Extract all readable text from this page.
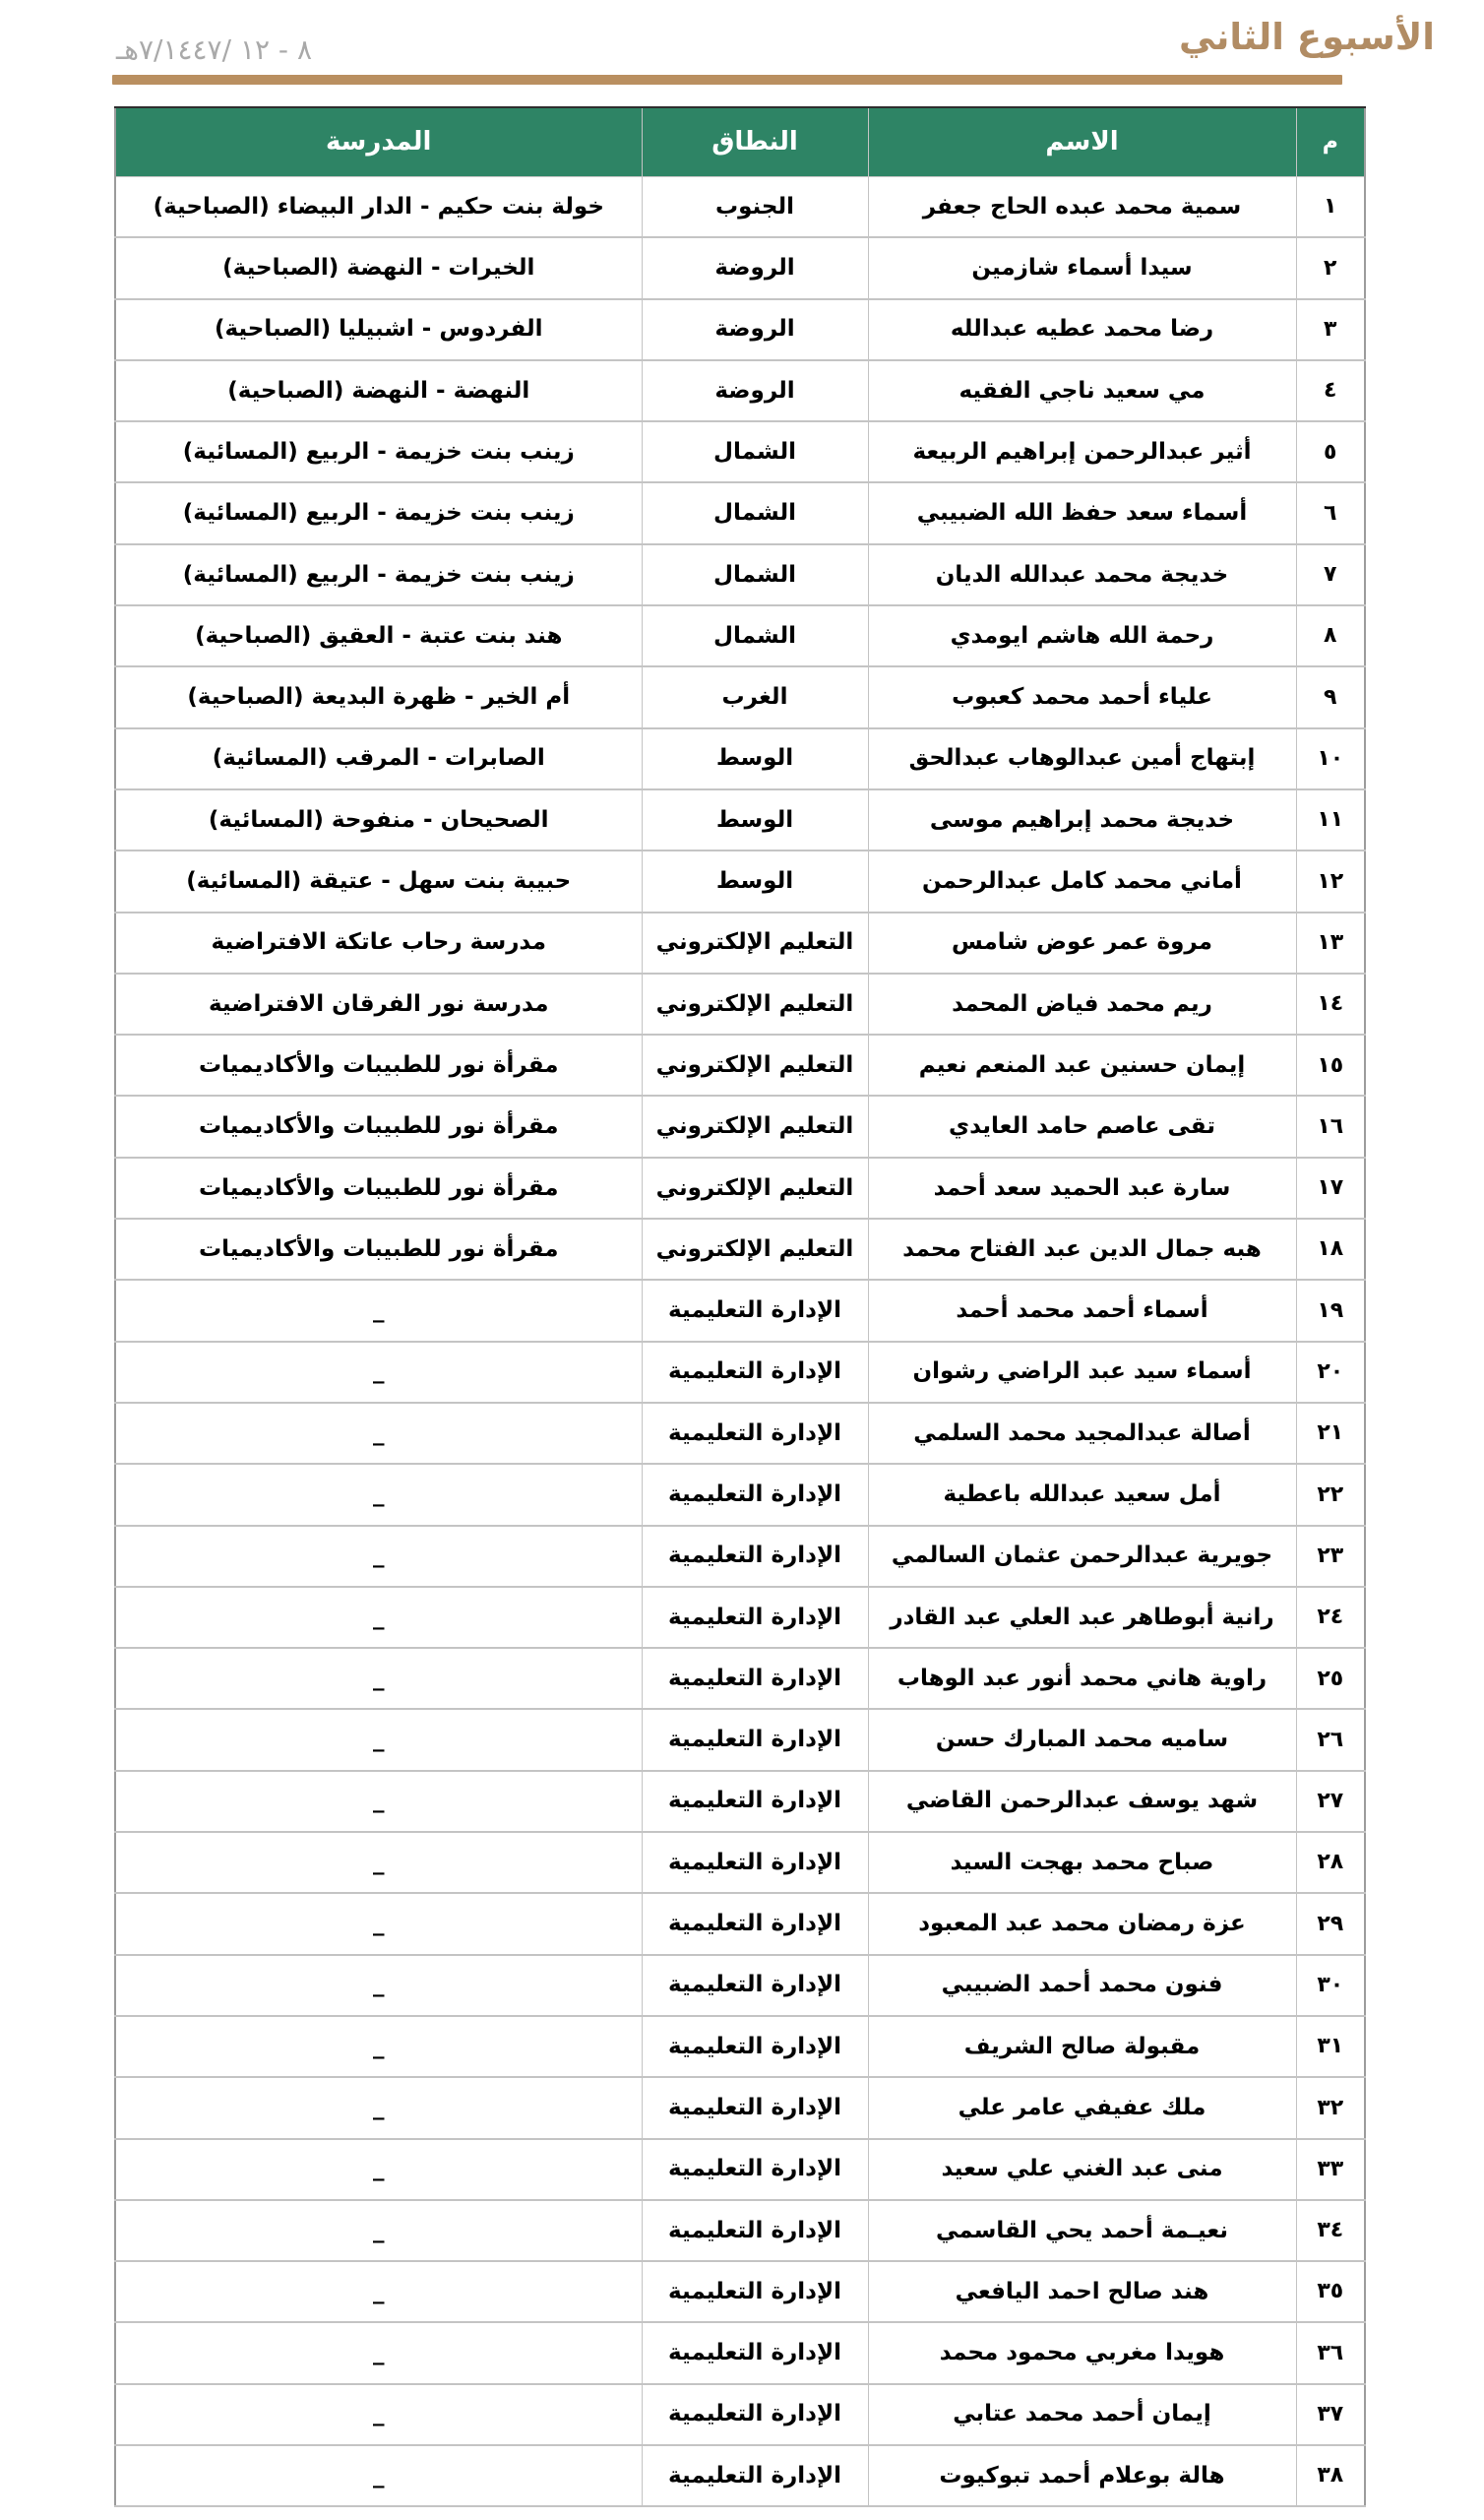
الأسبوع الثاني
٨ - ١٢ /٧/١٤٤٧هـ
م	الاسم	النطاق	المدرسة
١	سمية محمد عبده الحاج جعفر	الجنوب	خولة بنت حكيم - الدار البيضاء (الصباحية)
٢	سيدا أسماء شازمين	الروضة	الخيرات - النهضة (الصباحية)
٣	رضا محمد عطيه عبدالله	الروضة	الفردوس - اشبيليا (الصباحية)
٤	مي سعيد ناجي الفقيه	الروضة	النهضة - النهضة (الصباحية)
٥	أثير عبدالرحمن إبراهيم الربيعة	الشمال	زينب بنت خزيمة - الربيع (المسائية)
٦	أسماء سعد حفظ الله الضبيبي	الشمال	زينب بنت خزيمة - الربيع (المسائية)
٧	خديجة محمد عبدالله الديان	الشمال	زينب بنت خزيمة - الربيع (المسائية)
٨	رحمة الله هاشم ايومدي	الشمال	هند بنت عتبة - العقيق (الصباحية)
٩	علياء أحمد محمد كعبوب	الغرب	أم الخير - ظهرة البديعة (الصباحية)
١٠	إبتهاج أمين عبدالوهاب عبدالحق	الوسط	الصابرات - المرقب (المسائية)
١١	خديجة محمد إبراهيم موسى	الوسط	الصحيحان - منفوحة (المسائية)
١٢	أماني محمد كامل عبدالرحمن	الوسط	حبيبة بنت سهل - عتيقة (المسائية)
١٣	مروة عمر عوض شامس	التعليم الإلكتروني	مدرسة رحاب عاتكة الافتراضية
١٤	ريم محمد فياض المحمد	التعليم الإلكتروني	مدرسة نور الفرقان الافتراضية
١٥	إيمان حسنين عبد المنعم نعيم	التعليم الإلكتروني	مقرأة نور للطبيبات والأكاديميات
١٦	تقى عاصم حامد العايدي	التعليم الإلكتروني	مقرأة نور للطبيبات والأكاديميات
١٧	سارة عبد الحميد سعد أحمد	التعليم الإلكتروني	مقرأة نور للطبيبات والأكاديميات
١٨	هبه جمال الدين عبد الفتاح محمد	التعليم الإلكتروني	مقرأة نور للطبيبات والأكاديميات
١٩	أسماء أحمد محمد أحمد	الإدارة التعليمية	_
٢٠	أسماء سيد عبد الراضي رشوان	الإدارة التعليمية	_
٢١	أصالة عبدالمجيد محمد السلمي	الإدارة التعليمية	_
٢٢	أمل سعيد عبدالله باعطية	الإدارة التعليمية	_
٢٣	جويرية عبدالرحمن عثمان السالمي	الإدارة التعليمية	_
٢٤	رانية أبوطاهر عبد العلي عبد القادر	الإدارة التعليمية	_
٢٥	راوية هاني محمد أنور عبد الوهاب	الإدارة التعليمية	_
٢٦	ساميه محمد المبارك حسن	الإدارة التعليمية	_
٢٧	شهد يوسف عبدالرحمن القاضي	الإدارة التعليمية	_
٢٨	صباح محمد بهجت السيد	الإدارة التعليمية	_
٢٩	عزة رمضان محمد عبد المعبود	الإدارة التعليمية	_
٣٠	فنون محمد أحمد الضبيبي	الإدارة التعليمية	_
٣١	مقبولة صالح الشريف	الإدارة التعليمية	_
٣٢	ملك عفيفي عامر علي	الإدارة التعليمية	_
٣٣	منى عبد الغني علي سعيد	الإدارة التعليمية	_
٣٤	نعيـمة أحمد يحي القاسمي	الإدارة التعليمية	_
٣٥	هند صالح احمد اليافعي	الإدارة التعليمية	_
٣٦	هويدا مغربي محمود محمد	الإدارة التعليمية	_
٣٧	إيمان أحمد محمد عتابي	الإدارة التعليمية	_
٣٨	هالة بوعلام أحمد تبوكيوت	الإدارة التعليمية	_
